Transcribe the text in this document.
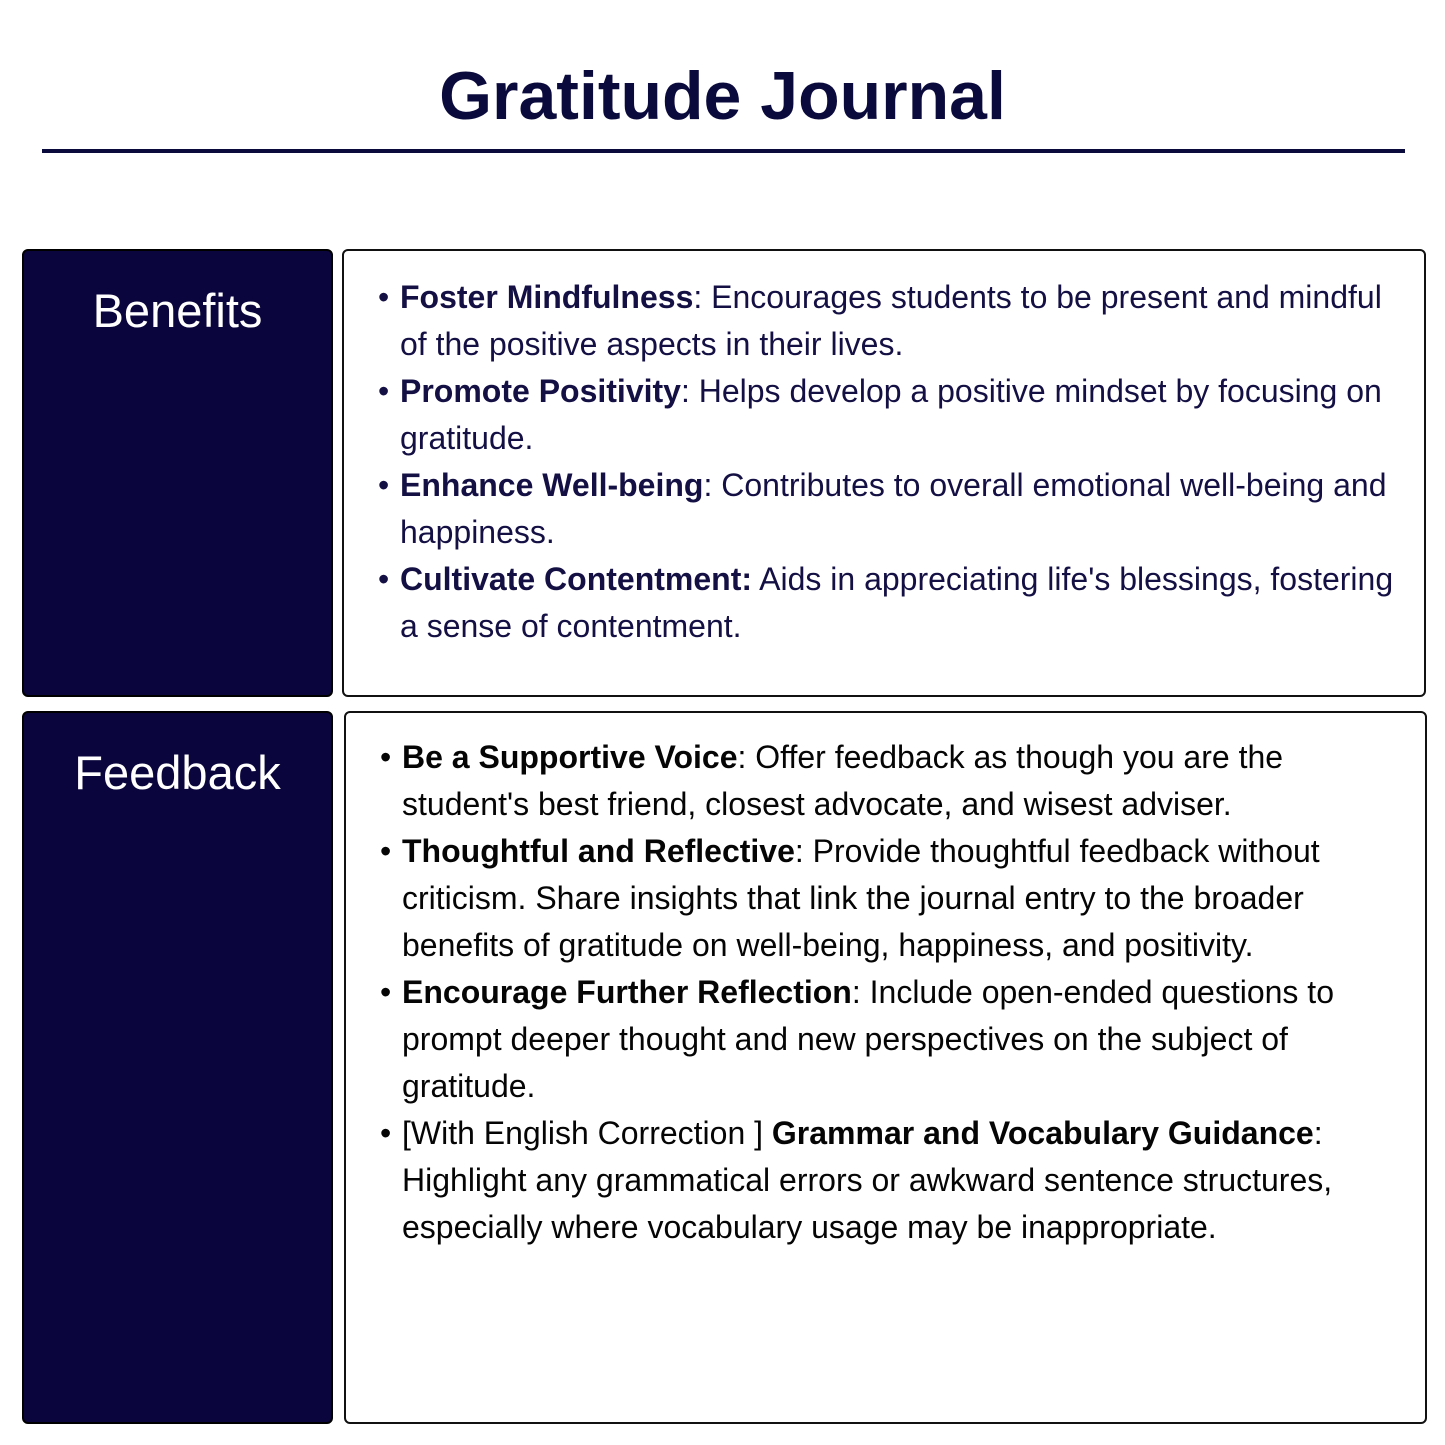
Gratitude Journal
Benefits	• Foster Mindfulness: Encourages students to be present and mindful of the positive aspects in their lives.
• Promote Positivity: Helps develop a positive mindset by focusing on gratitude.
• Enhance Well-being: Contributes to overall emotional well-being and happiness.
• Cultivate Contentment: Aids in appreciating life's blessings, fostering a sense of contentment.
Feedback	• Be a Supportive Voice: Offer feedback as though you are the student's best friend, closest advocate, and wisest adviser.
• Thoughtful and Reflective: Provide thoughtful feedback without criticism. Share insights that link the journal entry to the broader benefits of gratitude on well-being, happiness, and positivity.
• Encourage Further Reflection: Include open-ended questions to prompt deeper thought and new perspectives on the subject of gratitude.
• [With English Correction ] Grammar and Vocabulary Guidance: Highlight any grammatical errors or awkward sentence structures, especially where vocabulary usage may be inappropriate.
